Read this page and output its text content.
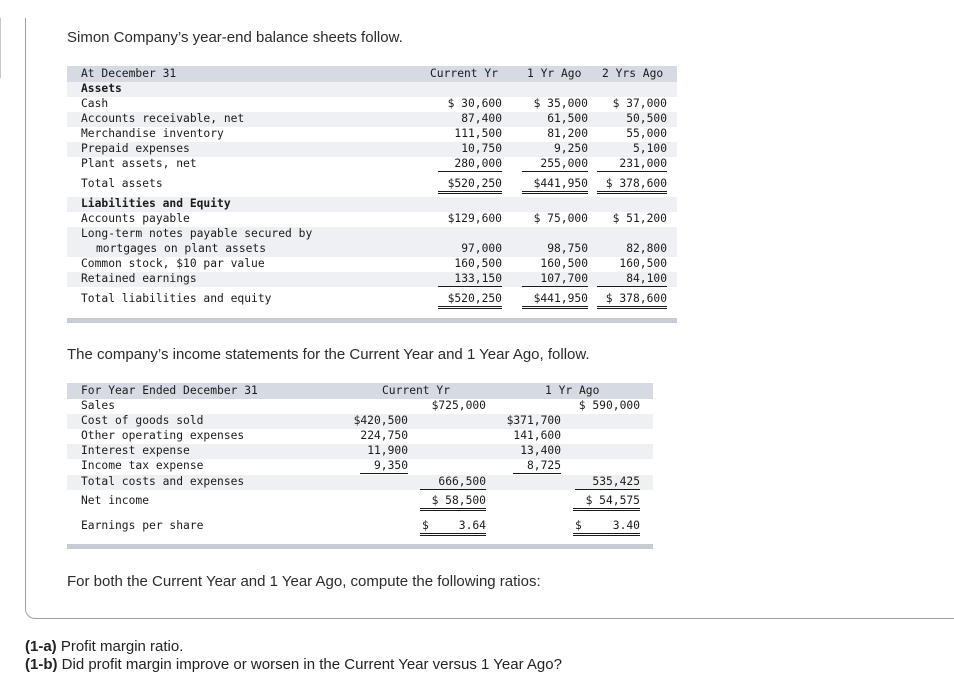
Simon Company’s year-end balance sheets follow.
At December 31	Current Yr	1 Yr Ago 2 Yrs Ago
Assets
Cash	$ 30,600	$ 35,000	$ 37,000
Accounts receivable, net	87,400	61,500	50,500
Merchandise inventory	111,500	81,200	55,000
Prepaid expenses	10,750	9,250	5,100
Plant assets, net	280,000	255,000	231,000
Total assets	$520,250	$441,950	$ 378,600
Liabilities and Equity
Accounts payable	$129,600	$ 75,000	$ 51,200
Long-term notes payable secured by
mortgages on plant assets	97,000	98,750	82,800
Common stock, $10 par value	160,500	160,500	160,500
Retained earnings	133,150	107,700	84,100
Total liabilities and equity	$520,250	$441,950	$ 378,600
The company’s income statements for the Current Year and 1 Year Ago, follow.
For Year Ended December 31	Current Yr	1 Yr Ago
Sales	$725,000	$ 590,000
Cost of goods sold	$420,500	$371,700
Other operating expenses	224,750	141,600
Interest expense	11,900	13,400
Income tax expense	9,350	8,725
Total costs and expenses	666,500	535,425
Net income	$ 58,500	$ 54,575
Earnings per share	$	3.64	$	3.40
For both the Current Year and 1 Year Ago, compute the following ratios:
(1-a) Profit margin ratio.
(1-b) Did profit margin improve or worsen in the Current Year versus 1 Year Ago?
